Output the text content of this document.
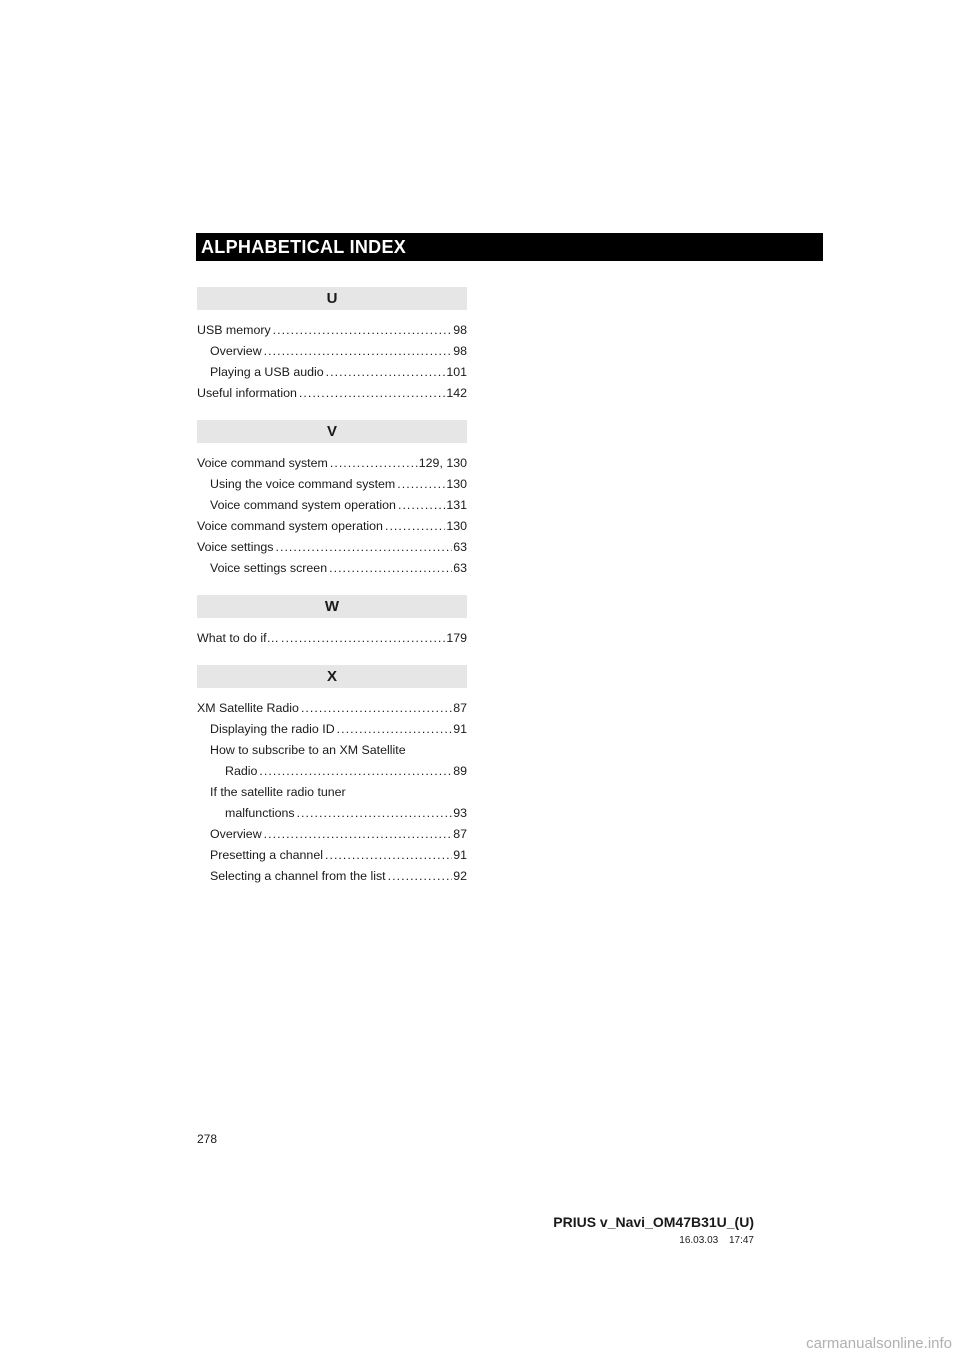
ALPHABETICAL INDEX
U
USB memory . . .	98
Overview . . .	98
Playing a USB audio . . .	101
Useful information . . .	142
V
Voice command system . . .	129, 130
Using the voice command system . . .	130
Voice command system operation . . .	131
Voice command system operation . . .	130
Voice settings . . .	63
Voice settings screen . . .	63
W
What to do if… . . .	179
X
XM Satellite Radio . . .	87
Displaying the radio ID . . .	91
How to subscribe to an XM Satellite
Radio . . .	89
If the satellite radio tuner
malfunctions . . .	93
Overview . . .	87
Presetting a channel . . .	91
Selecting a channel from the list . . .	92
278
PRIUS v_Navi_OM47B31U_(U)
16.03.03 17:47
carmanualsonline.info
